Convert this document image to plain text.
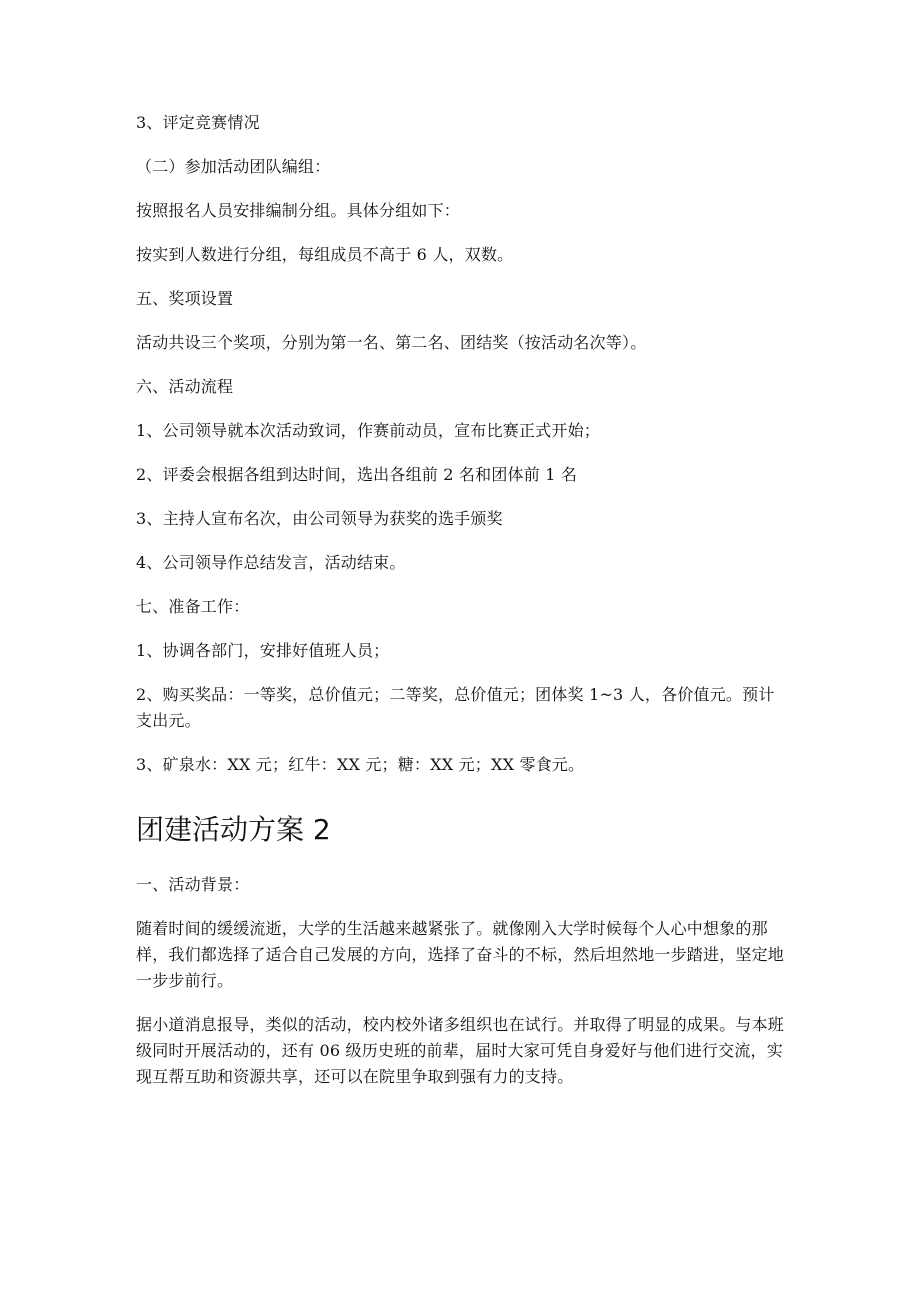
3、评定竞赛情况

（二）参加活动团队编组：

按照报名人员安排编制分组。具体分组如下：

按实到人数进行分组，每组成员不高于 6 人，双数。

五、奖项设置

活动共设三个奖项，分别为第一名、第二名、团结奖（按活动名次等）。

六、活动流程

1、公司领导就本次活动致词，作赛前动员，宣布比赛正式开始；

2、评委会根据各组到达时间，选出各组前 2 名和团体前 1 名

3、主持人宣布名次，由公司领导为获奖的选手颁奖

4、公司领导作总结发言，活动结束。

七、准备工作：

1、协调各部门，安排好值班人员；

2、购买奖品：一等奖，总价值元；二等奖，总价值元；团体奖 1~3 人，各价值元。预计支出元。

3、矿泉水：XX 元；红牛：XX 元；糖：XX 元；XX 零食元。

团建活动方案 2

一、活动背景：

随着时间的缓缓流逝，大学的生活越来越紧张了。就像刚入大学时候每个人心中想象的那样，我们都选择了适合自己发展的方向，选择了奋斗的不标，然后坦然地一步踏进，坚定地一步步前行。

据小道消息报导，类似的活动，校内校外诸多组织也在试行。并取得了明显的成果。与本班级同时开展活动的，还有 06 级历史班的前辈，届时大家可凭自身爱好与他们进行交流，实现互帮互助和资源共享，还可以在院里争取到强有力的支持。
